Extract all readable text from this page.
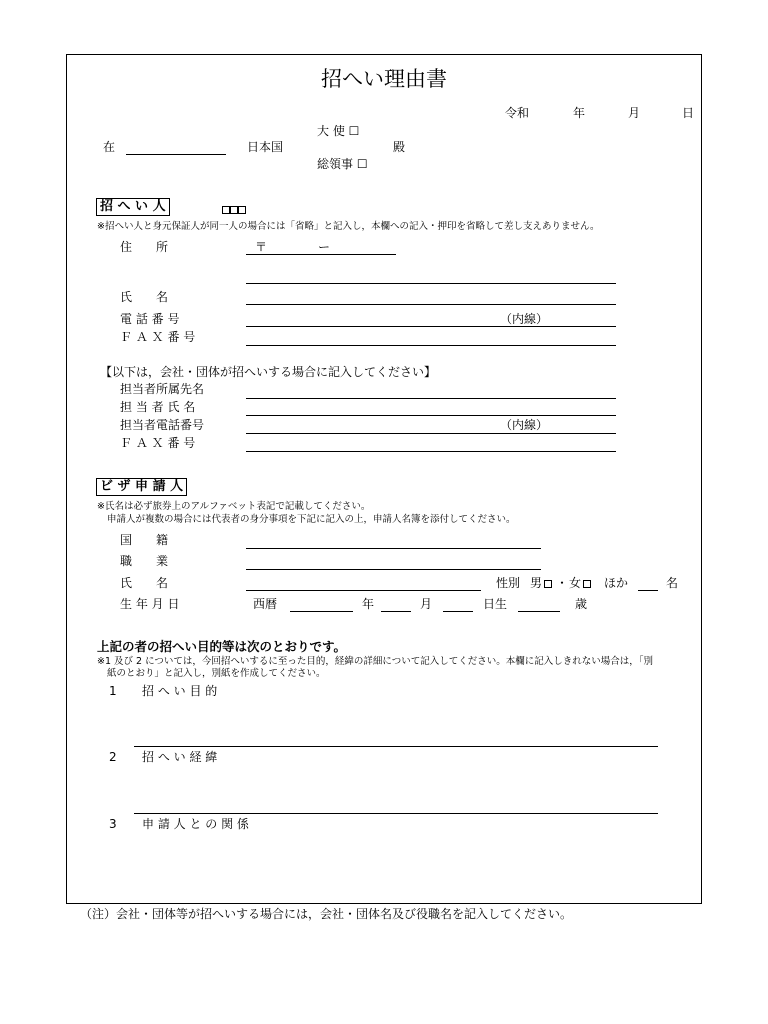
招へい理由書
令和	年	月	日
大 使 ☐
在	日本国	殿
総領事 ☐
招 へ い 人
※招へい人と身元保証人が同一人の場合には「省略」と記入し，本欄への記入・押印を省略して差し支えありません。
住　　所	〒	ー
氏　　名
電 話 番 号	（内線）
Ｆ Ａ Ｘ 番 号
【以下は，会社・団体が招へいする場合に記入してください】
担当者所属先名
担 当 者 氏 名
担当者電話番号	（内線）
Ｆ Ａ Ｘ 番 号
ビ ザ 申 請 人
※氏名は必ず旅券上のアルファベット表記で記載してください。
申請人が複数の場合には代表者の身分事項を下記に記入の上，申請人名簿を添付してください。
国　　籍
職　　業
氏　　名	性別 男	・ 女	ほか	名
生 年 月 日	西暦	年	月	日生	歳
上記の者の招へい目的等は次のとおりです。
※1 及び 2 については，今回招へいするに至った目的，経緯の詳細について記入してください。本欄に記入しきれない場合は，「別
紙のとおり」と記入し，別紙を作成してください。
1 招 へ い 目 的
2 招 へ い 経 緯
3 申 請 人 と の 関 係
（注）会社・団体等が招へいする場合には，会社・団体名及び役職名を記入してください。
